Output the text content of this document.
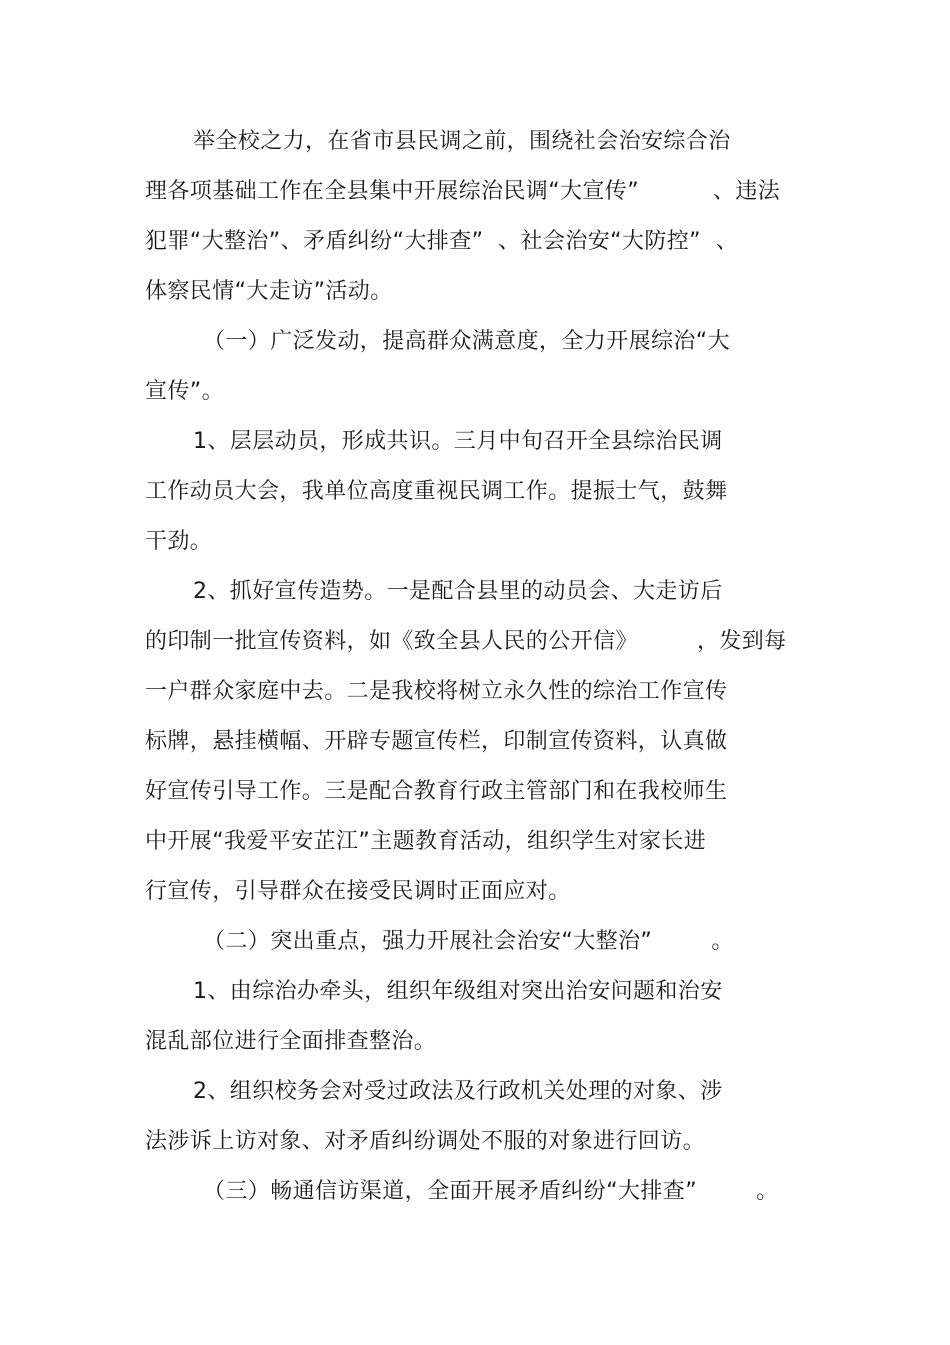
举全校之力，在省市县民调之前，围绕社会治安综合治

理各项基础工作在全县集中开展综治民调“大宣传”          、违法

犯罪“大整治”、矛盾纠纷“大排查”  、社会治安“大防控”  、

体察民情“大走访”活动。

（一）广泛发动，提高群众满意度，全力开展综治“大

宣传”。

1、层层动员，形成共识。三月中旬召开全县综治民调

工作动员大会，我单位高度重视民调工作。提振士气，鼓舞

干劲。

2、抓好宣传造势。一是配合县里的动员会、大走访后

的印制一批宣传资料，如《致全县人民的公开信》        ，发到每

一户群众家庭中去。二是我校将树立永久性的综治工作宣传

标牌，悬挂横幅、开辟专题宣传栏，印制宣传资料，认真做

好宣传引导工作。三是配合教育行政主管部门和在我校师生

中开展“我爱平安芷江”主题教育活动，组织学生对家长进

行宣传，引导群众在接受民调时正面应对。

（二）突出重点，强力开展社会治安“大整治”        。

1、由综治办牵头，组织年级组对突出治安问题和治安

混乱部位进行全面排查整治。

2、组织校务会对受过政法及行政机关处理的对象、涉

法涉诉上访对象、对矛盾纠纷调处不服的对象进行回访。

（三）畅通信访渠道，全面开展矛盾纠纷“大排查”        。
